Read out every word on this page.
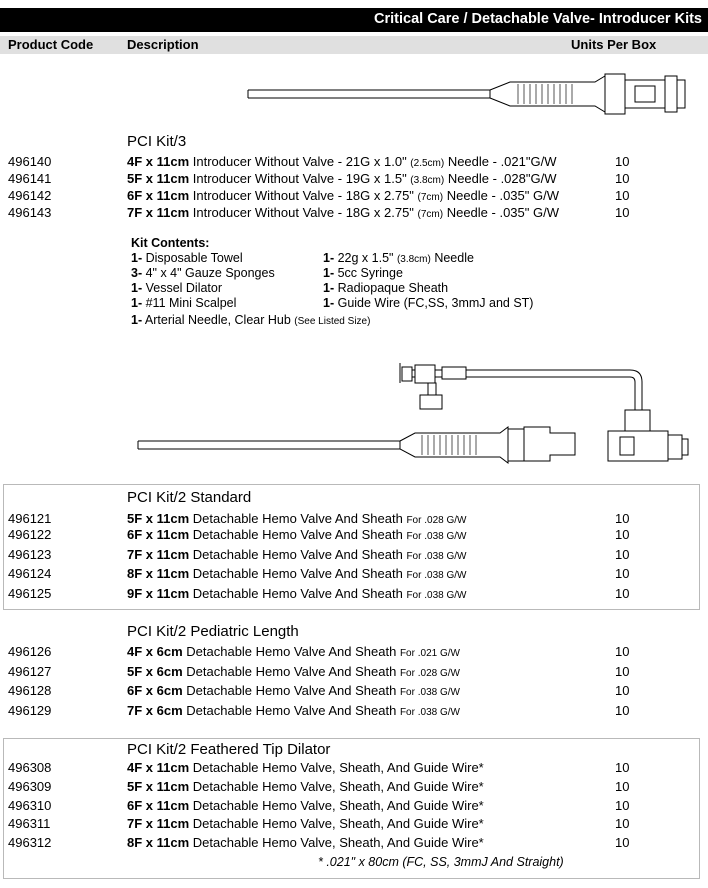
Critical Care / Detachable Valve- Introducer Kits
Product Code	Description	Units Per Box
PCI Kit/3
496140	4F x 11cm Introducer Without Valve - 21G x 1.0" (2.5cm) Needle - .021"G/W	10
496141	5F x 11cm Introducer Without Valve - 19G x 1.5" (3.8cm) Needle - .028"G/W	10
496142	6F x 11cm Introducer Without Valve - 18G x 2.75" (7cm) Needle - .035" G/W	10
496143	7F x 11cm Introducer Without Valve - 18G x 2.75" (7cm) Needle - .035" G/W	10
Kit Contents:
1- Disposable Towel
3- 4" x 4" Gauze Sponges
1- Vessel Dilator
1- #11 Mini Scalpel
1- 22g x 1.5" (3.8cm) Needle
1- 5cc Syringe
1- Radiopaque Sheath
1- Guide Wire (FC,SS, 3mmJ and ST)
1- Arterial Needle, Clear Hub (See Listed Size)
PCI Kit/2 Standard
496121	5F x 11cm Detachable Hemo Valve And Sheath For .028 G/W	10
496122	6F x 11cm Detachable Hemo Valve And Sheath For .038 G/W	10
496123	7F x 11cm Detachable Hemo Valve And Sheath For .038 G/W	10
496124	8F x 11cm Detachable Hemo Valve And Sheath For .038 G/W	10
496125	9F x 11cm Detachable Hemo Valve And Sheath For .038 G/W	10
PCI Kit/2 Pediatric Length
496126	4F x 6cm Detachable Hemo Valve And Sheath For .021 G/W	10
496127	5F x 6cm Detachable Hemo Valve And Sheath For .028 G/W	10
496128	6F x 6cm Detachable Hemo Valve And Sheath For .038 G/W	10
496129	7F x 6cm Detachable Hemo Valve And Sheath For .038 G/W	10
PCI Kit/2 Feathered Tip Dilator
496308	4F x 11cm Detachable Hemo Valve, Sheath, And Guide Wire*	10
496309	5F x 11cm Detachable Hemo Valve, Sheath, And Guide Wire*	10
496310	6F x 11cm Detachable Hemo Valve, Sheath, And Guide Wire*	10
496311	7F x 11cm Detachable Hemo Valve, Sheath, And Guide Wire*	10
496312	8F x 11cm Detachable Hemo Valve, Sheath, And Guide Wire*	10
* .021" x 80cm (FC, SS, 3mmJ And Straight)
